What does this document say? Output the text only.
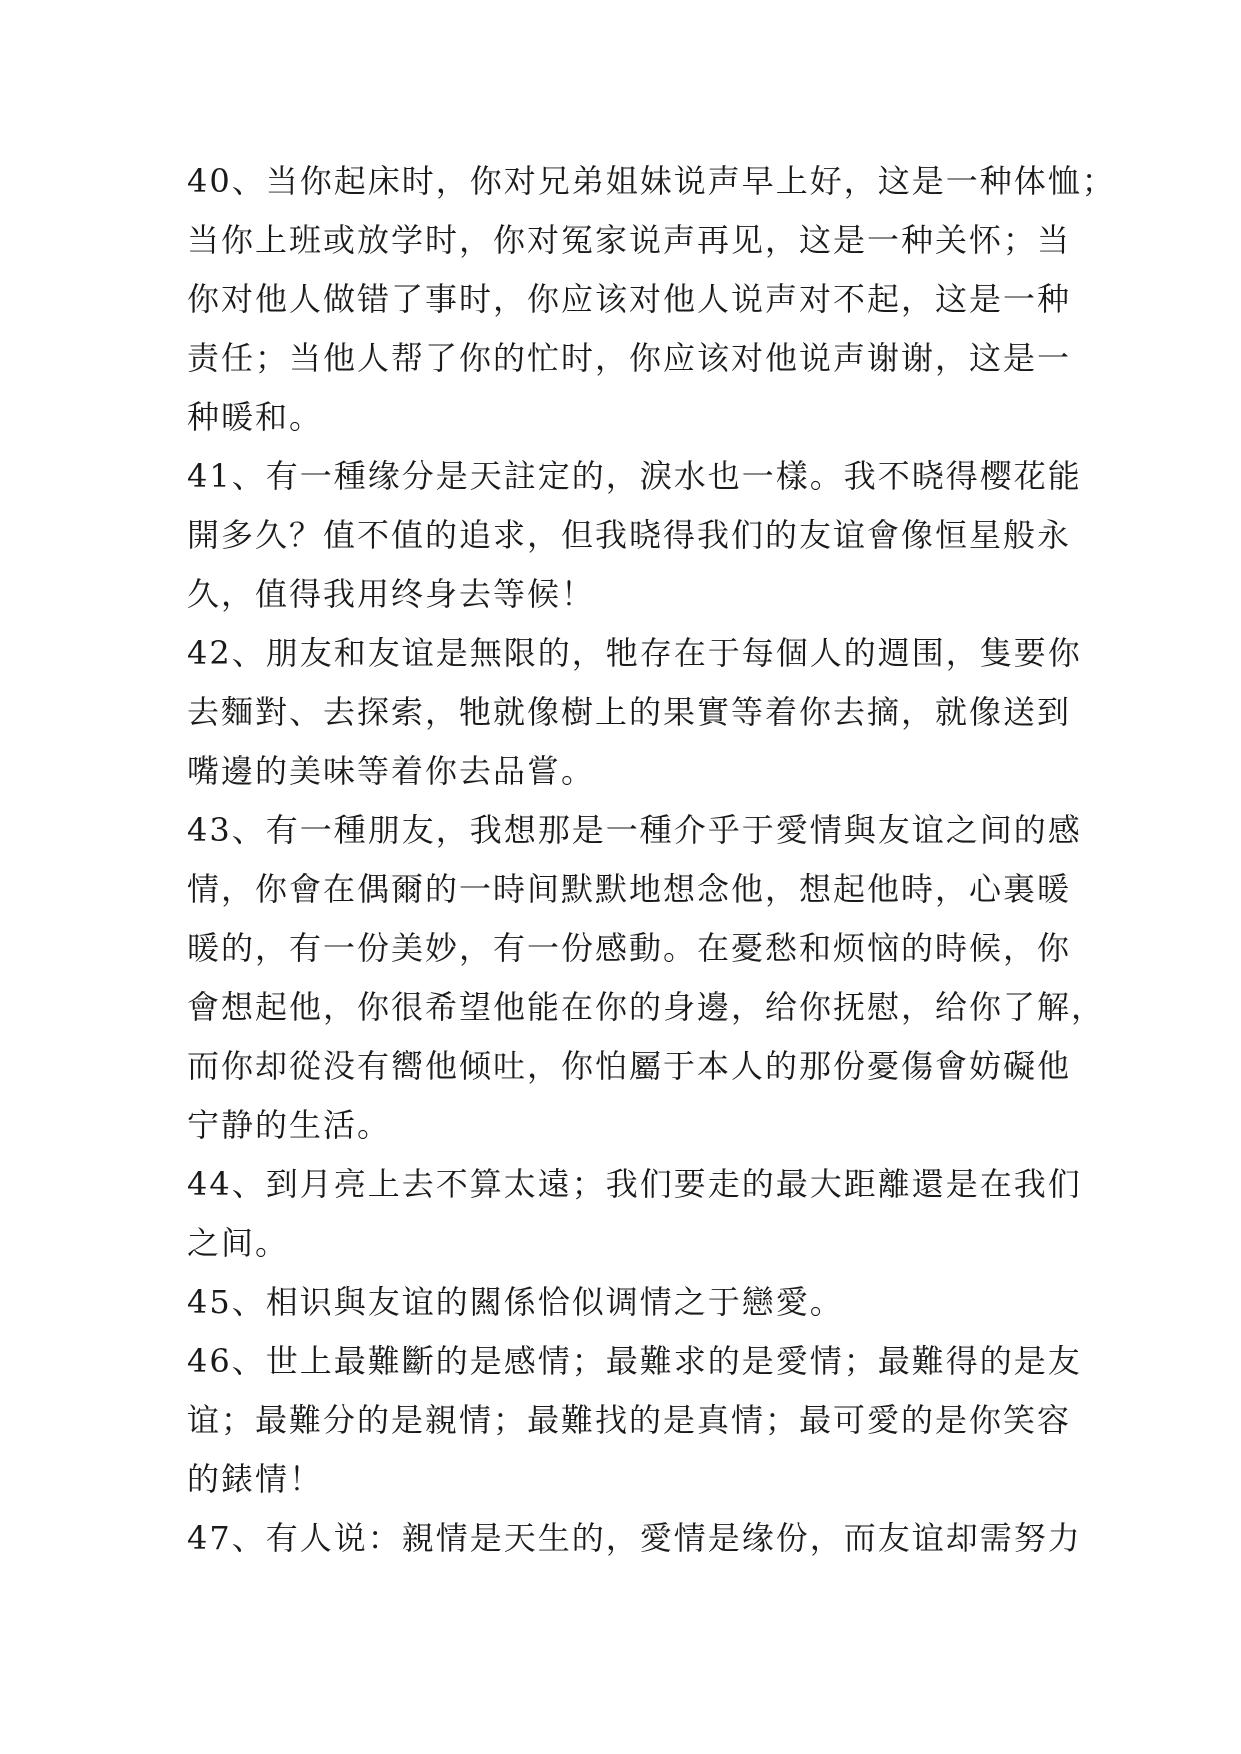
40、当你起床时，你对兄弟姐妹说声早上好，这是一种体恤；
当你上班或放学时，你对冤家说声再见，这是一种关怀；当
你对他人做错了事时，你应该对他人说声对不起，这是一种
责任；当他人帮了你的忙时，你应该对他说声谢谢，这是一
种暖和。
41、有一種缘分是天註定的，淚水也一樣。我不晓得樱花能
開多久？值不值的追求，但我晓得我们的友谊會像恒星般永
久，值得我用终身去等候！
42、朋友和友谊是無限的，牠存在于每個人的週围，隻要你
去麵對、去探索，牠就像樹上的果實等着你去摘，就像送到
嘴邊的美味等着你去品嘗。
43、有一種朋友，我想那是一種介乎于愛情與友谊之间的感
情，你會在偶爾的一時间默默地想念他，想起他時，心裏暖
暖的，有一份美妙，有一份感動。在憂愁和烦恼的時候，你
會想起他，你很希望他能在你的身邊，给你抚慰，给你了解，
而你却從没有嚮他倾吐，你怕屬于本人的那份憂傷會妨礙他
宁静的生活。
44、到月亮上去不算太遠；我们要走的最大距離還是在我们
之间。
45、相识與友谊的闗係恰似调情之于戀愛。
46、世上最難斷的是感情；最難求的是愛情；最難得的是友
谊；最難分的是親情；最難找的是真情；最可愛的是你笑容
的錶情！
47、有人说：親情是天生的，愛情是缘份，而友谊却需努力
